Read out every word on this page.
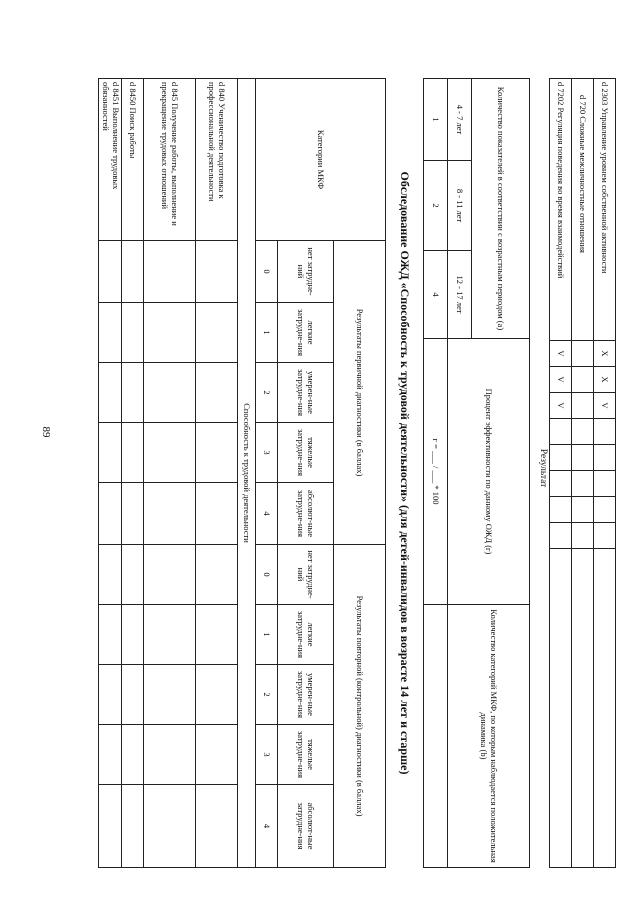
89
d 2303 Управление уровнем собственной активности	X	X	V						
d 720 Сложные межличностные отношения									
d 7202 Регуляция поведения во время взаимодействий	V	V	V						
Результат
Количество показателей в соответствии с возрастным периодом (а)			Процент эффективности по данному ОЖД (г)	Количество категорий МКФ, по которым наблюдается положительная динамика (b)
4 - 7 лет	8 - 11 лет	12 - 17 лет		
1	2	4	г = ___ / ___ * 100	
Обследование ОЖД «Способность к трудовой деятельности» (для детей-инвалидов в возрасте 14 лет и старше)
Категории МКФ	Результаты первичной диагностики (в баллах)					Результаты повторной (контрольной) диагностики (в баллах)				
	нет затрудне-ний	легкие затрудне-ния	умерен-ные затрудне-ния	тяжелые затрудне-ния	абсолют-ные затрудне-ния	нет затрудне-ний	легкие затрудне-ния	умерен-ные затрудне-ния	тяжелые затрудне-ния	абсолют-ные затрудне-ния
	0	1	2	3	4	0	1	2	3	4
Способность к трудовой деятельности										
d 840 Ученичество подготовка к профессиональной деятельности										
d 845 Получение работы, выполнение и прекращение трудовых отношений										
d 8450 Поиск работы										
d 8451 Выполнение трудовых обязанностей										
